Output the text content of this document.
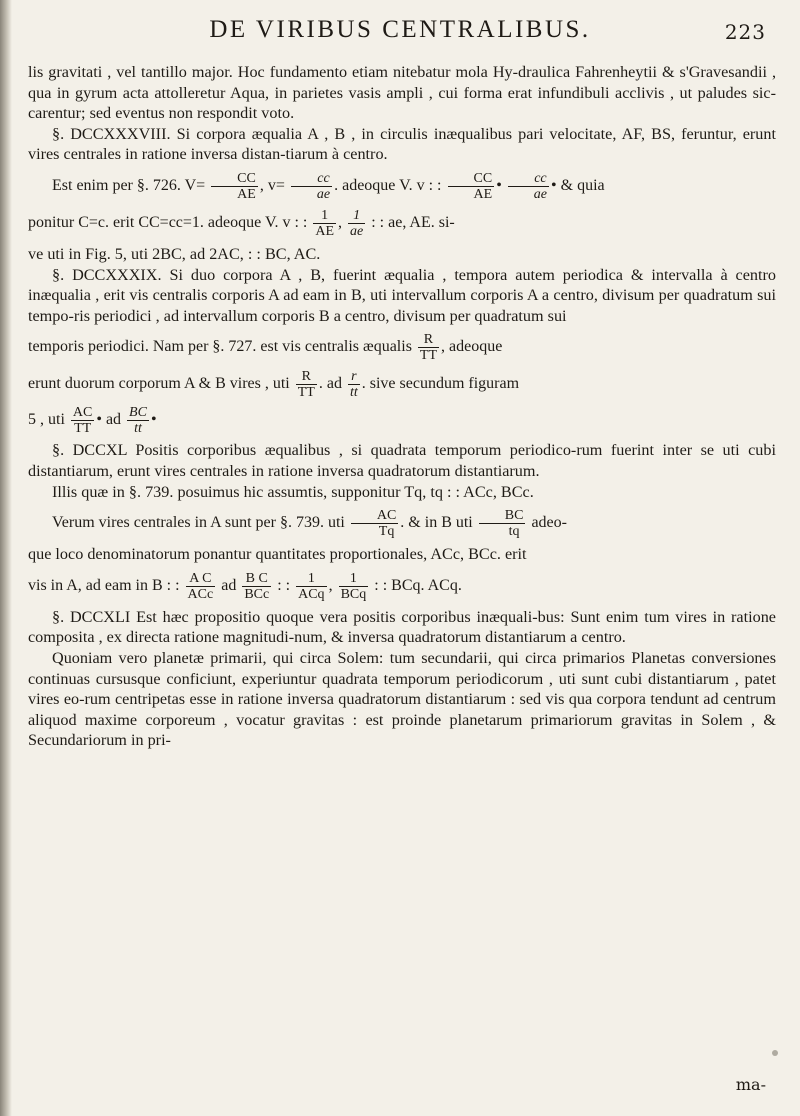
DE VIRIBUS CENTRALIBUS.	223

lis gravitati , vel tantillo major. Hoc fundamento etiam nitebatur mola Hy-draulica Fahrenheytii & s'Gravesandii , qua in gyrum acta attolleretur Aqua, in parietes vasis ampli , cui forma erat infundibuli acclivis , ut paludes sic-carentur; sed eventus non respondit voto.

§. DCCXXXVIII. Si corpora æqualia A , B , in circulis inæqualibus pari velocitate, AF, BS, feruntur, erunt vires centrales in ratione inversa distan-tiarum à centro.

Est enim per §. 726. $V= \frac{CC}{AE}$ , $v= \frac{cc}{ae}$ . adeoque V. v : : $\frac{CC}{AE}$ • $\frac{cc}{ae}$ • & quia
ponitur C=c. erit CC=cc=1. adeoque V. v : : $\frac{1}{AE}$ , $\frac{1}{ae}$ : : ae, AE. si-

ve uti in Fig. 5, uti 2BC, ad 2AC, : : BC, AC.

§. DCCXXXIX. Si duo corpora A , B, fuerint æqualia , tempora autem periodica & intervalla à centro inæqualia , erit vis centralis corporis A ad eam in B, uti intervallum corporis A a centro, divisum per quadratum sui tempo-ris periodici , ad intervallum corporis B a centro, divisum per quadratum sui

temporis periodici. Nam per §. 727. est vis centralis æqualis $\frac{R}{TT}$ , adeoque
erunt duorum corporum A & B vires , uti $\frac{R}{TT}$ . ad $\frac{r}{tt}$ . sive secundum figuram
5 , uti $\frac{AC}{TT}$ • ad $\frac{BC}{tt}$ •

§. DCCXL Positis corporibus æqualibus , si quadrata temporum periodico-rum fuerint inter se uti cubi distantiarum, erunt vires centrales in ratione inversa quadratorum distantiarum.

Illis quæ in §. 739. posuimus hic assumtis, supponitur Tq, tq : : ACc, BCc.

Verum vires centrales in A sunt per §. 739. uti $\frac{AC}{Tq}$ . & in B uti $\frac{BC}{tq}$ adeo-

que loco denominatorum ponantur quantitates proportionales, ACc, BCc. erit

vis in A, ad eam in B : : $\frac{\text{A C}}{\text{ACc}}$ ad $\frac{\text{B C}}{\text{BCc}}$ : : $\frac{1}{\text{ACq}}$ , $\frac{1}{\text{BCq}}$ : : BCq. ACq.

§. DCCXLI Est hæc propositio quoque vera positis corporibus inæquali-bus: Sunt enim tum vires in ratione composita , ex directa ratione magnitudi-num, & inversa quadratorum distantiarum a centro.

Quoniam vero planetæ primarii, qui circa Solem: tum secundarii, qui circa primarios Planetas conversiones continuas cursusque conficiunt, experiuntur quadrata temporum periodicorum , uti sunt cubi distantiarum , patet vires eo-rum centripetas esse in ratione inversa quadratorum distantiarum : sed vis qua corpora tendunt ad centrum aliquod maxime corporeum , vocatur gravitas : est proinde planetarum primariorum gravitas in Solem , & Secundariorum in pri-

ma-
